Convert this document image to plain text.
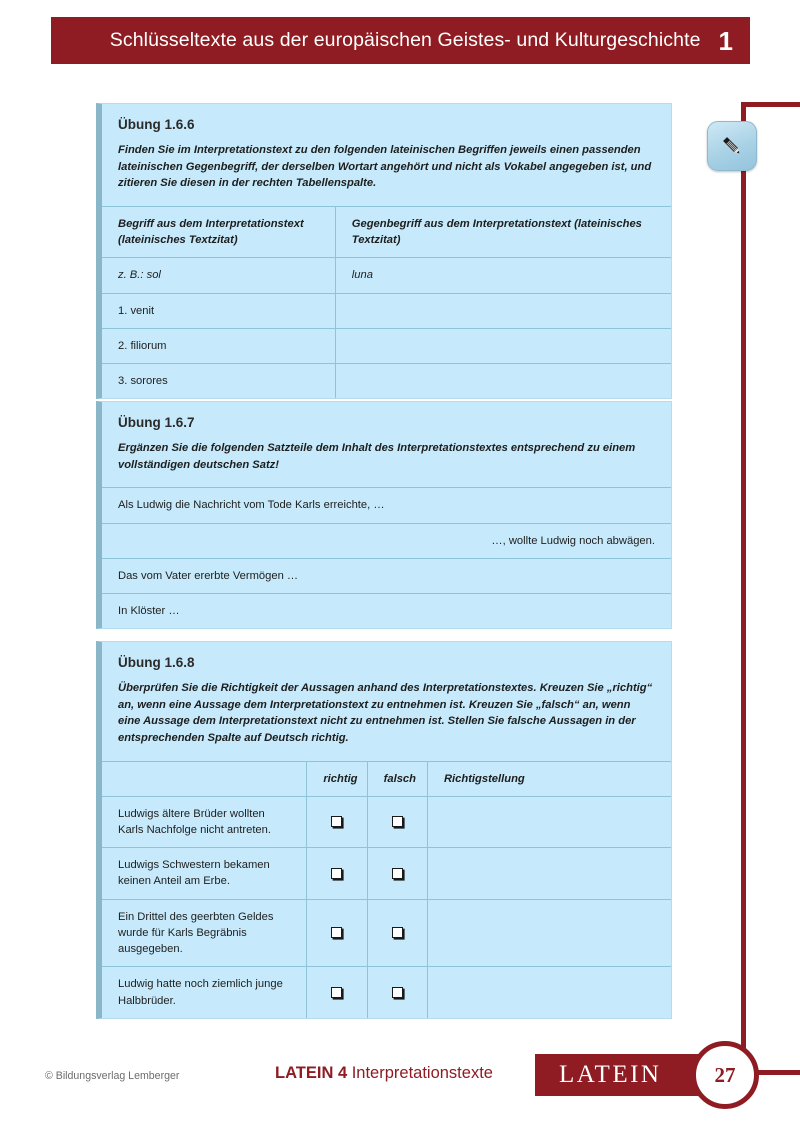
Schlüsseltexte aus der europäischen Geistes- und Kulturgeschichte 1
Übung 1.6.6
Finden Sie im Interpretationstext zu den folgenden lateinischen Begriffen jeweils einen passenden lateinischen Gegenbegriff, der derselben Wortart angehört und nicht als Vokabel angegeben ist, und zitieren Sie diesen in der rechten Tabellenspalte.
Begriff aus dem Interpretationstext
(lateinisches Textzitat)	Gegenbegriff aus dem Interpretationstext (lateinisches Textzitat)
z. B.: sol	luna
1. venit	
2. filiorum	
3. sorores	
Übung 1.6.7
Ergänzen Sie die folgenden Satzteile dem Inhalt des Interpretationstextes entsprechend zu einem vollständigen deutschen Satz!
Als Ludwig die Nachricht vom Tode Karls erreichte, …
…, wollte Ludwig noch abwägen.
Das vom Vater ererbte Vermögen …
In Klöster …
Übung 1.6.8
Überprüfen Sie die Richtigkeit der Aussagen anhand des Interpretationstextes. Kreuzen Sie „richtig“ an, wenn eine Aussage dem Interpretationstext zu entnehmen ist. Kreuzen Sie „falsch“ an, wenn eine Aussage dem Interpretationstext nicht zu entnehmen ist. Stellen Sie falsche Aussagen in der entsprechenden Spalte auf Deutsch richtig.
	richtig	falsch	Richtigstellung
Ludwigs ältere Brüder wollten Karls Nachfolge nicht antreten.			
Ludwigs Schwestern bekamen keinen Anteil am Erbe.			
Ein Drittel des geerbten Geldes wurde für Karls Begräbnis ausgegeben.			
Ludwig hatte noch ziemlich junge Halbbrüder.			
© Bildungsverlag Lemberger	LATEIN 4 Interpretationstexte	LATEIN	27
